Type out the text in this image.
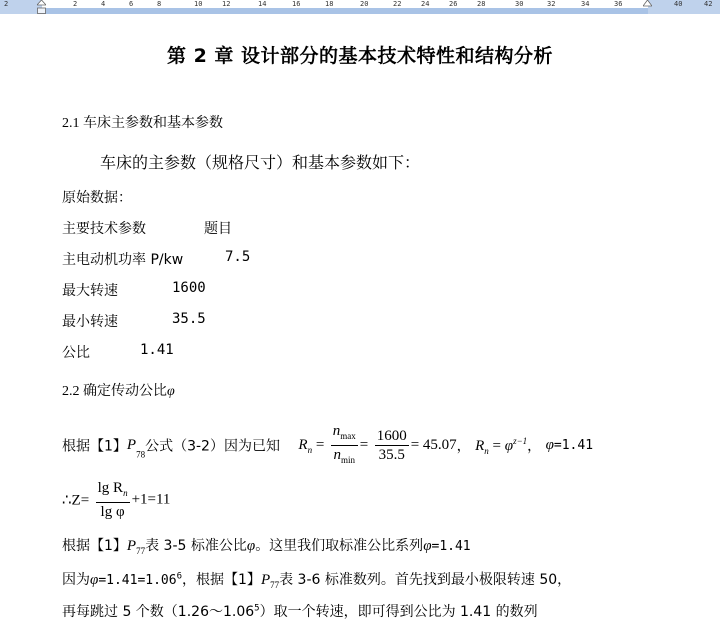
2	2	4	6	8	10	12	14	16	18	20	22	24	26	28	30	32	34	36	40	42
第 2 章 设计部分的基本技术特性和结构分析
2.1 车床主参数和基本参数
车床的主参数（规格尺寸）和基本参数如下：
原始数据：
主要技术参数	题目
主电动机功率 P/kw	7.5
最大转速	1600
最小转速	35.5
公比	1.41
2.2 确定传动公比φ
根据【1】$P_{78}$公式（3-2）因为已知 $R_n = \frac{n_{max}}{n_{min}} = \frac{1600}{35.5} = 45.07$， $R_n = \varphi^{z-1}$， φ=1.41
∴Z= $\frac{\lg R_n}{\text{lg φ}} +1=11$
根据【1】$P_{77}$表 3-5 标准公比φ。这里我们取标准公比系列φ=1.41
因为$\varphi=1.41=1.06^6$，根据【1】$P_{77}$表 3-6 标准数列。首先找到最小极限转速 50，
再每跳过 5 个数（1.26～1.06$^5$）取一个转速，即可得到公比为 1.41 的数列
